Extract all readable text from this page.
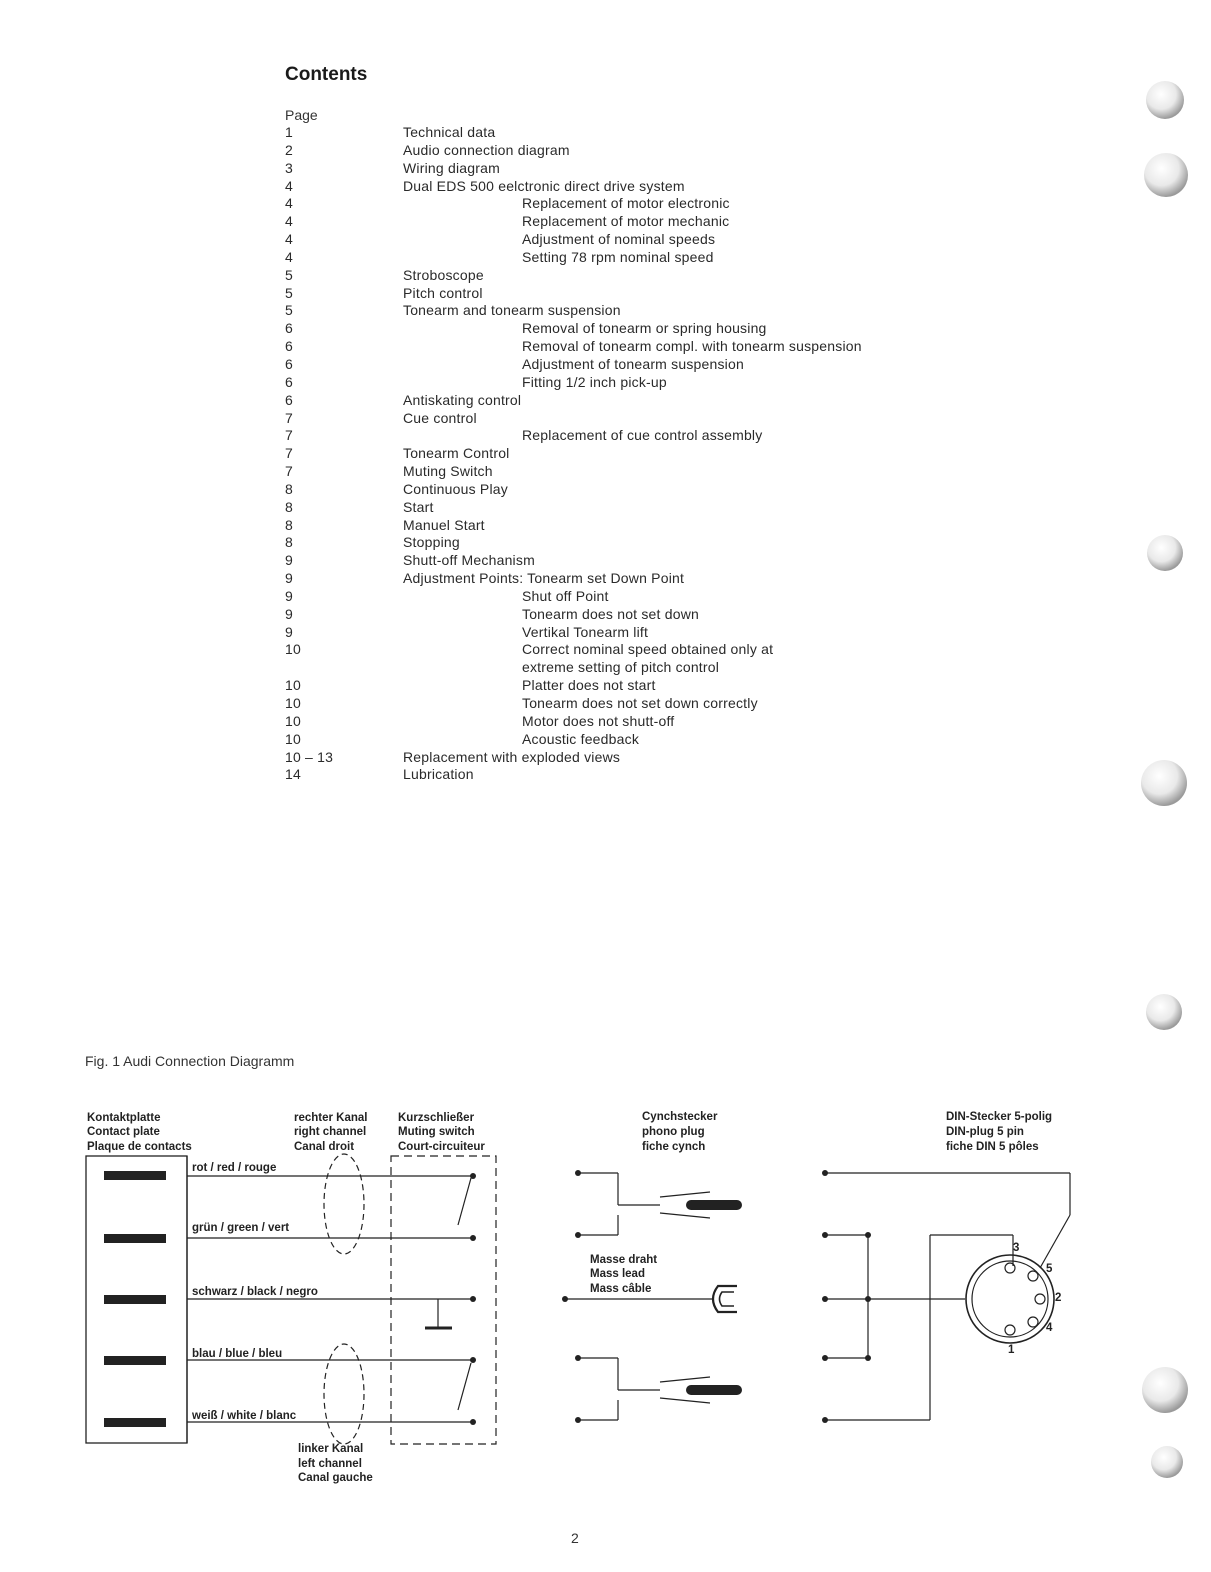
Contents
Page
1	Technical data
2	Audio connection diagram
3	Wiring diagram
4	Dual EDS 500 eelctronic direct drive system
4	Replacement of motor electronic
4	Replacement of motor mechanic
4	Adjustment of nominal speeds
4	Setting 78 rpm nominal speed
5	Stroboscope
5	Pitch control
5	Tonearm and tonearm suspension
6	Removal of tonearm or spring housing
6	Removal of tonearm compl. with tonearm suspension
6	Adjustment of tonearm suspension
6	Fitting 1/2 inch pick-up
6	Antiskating control
7	Cue control
7	Replacement of cue control assembly
7	Tonearm Control
7	Muting Switch
8	Continuous Play
8	Start
8	Manuel Start
8	Stopping
9	Shutt-off Mechanism
9	Adjustment Points: Tonearm set Down Point
9	Shut off Point
9	Tonearm does not set down
9	Vertikal Tonearm lift
10	Correct nominal speed obtained only at
extreme setting of pitch control
10	Platter does not start
10	Tonearm does not set down correctly
10	Motor does not shutt-off
10	Acoustic feedback
10 – 13	Replacement with exploded views
14	Lubrication
Fig. 1 Audi Connection Diagramm
Kontaktplatte
Contact plate
Plaque de contacts
rechter Kanal
right channel
Canal droit
Kurzschließer
Muting switch
Court-circuiteur
Cynchstecker
phono plug
fiche cynch
DIN-Stecker 5-polig
DIN-plug 5 pin
fiche DIN 5 pôles
rot / red / rouge
grün / green / vert
schwarz / black / negro
blau / blue / bleu
weiß / white / blanc
Masse draht
Mass lead
Mass câble
linker Kanal
left channel
Canal gauche
3
5
2
4
1
2
